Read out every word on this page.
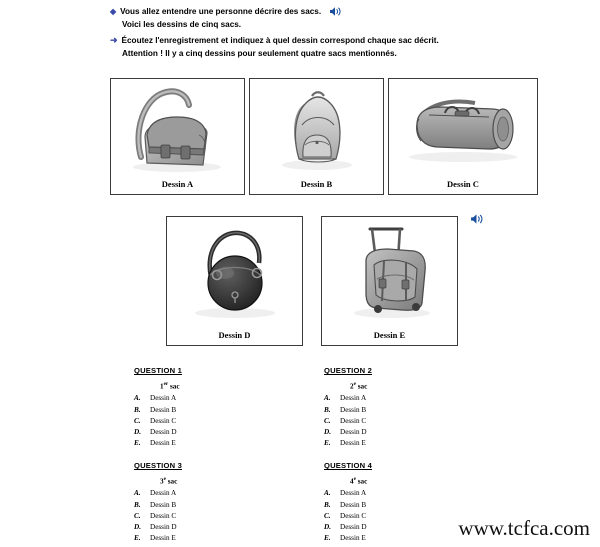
◆ Vous allez entendre une personne décrire des sacs.
Voici les dessins de cinq sacs.
➜ Écoutez l'enregistrement et indiquez à quel dessin correspond chaque sac décrit.
Attention ! Il y a cinq dessins pour seulement quatre sacs mentionnés.
Dessin A	Dessin B	Dessin C
Dessin D	Dessin E
QUESTION 1
1er sac
A.	Dessin A
B.	Dessin B
C.	Dessin C
D.	Dessin D
E.	Dessin E
QUESTION 2
2e sac
A.	Dessin A
B.	Dessin B
C.	Dessin C
D.	Dessin D
E.	Dessin E
QUESTION 3
3e sac
A.	Dessin A
B.	Dessin B
C.	Dessin C
D.	Dessin D
E.	Dessin E
QUESTION 4
4e sac
A.	Dessin A
B.	Dessin B
C.	Dessin C
D.	Dessin D
E.	Dessin E	www.tcfca.com
